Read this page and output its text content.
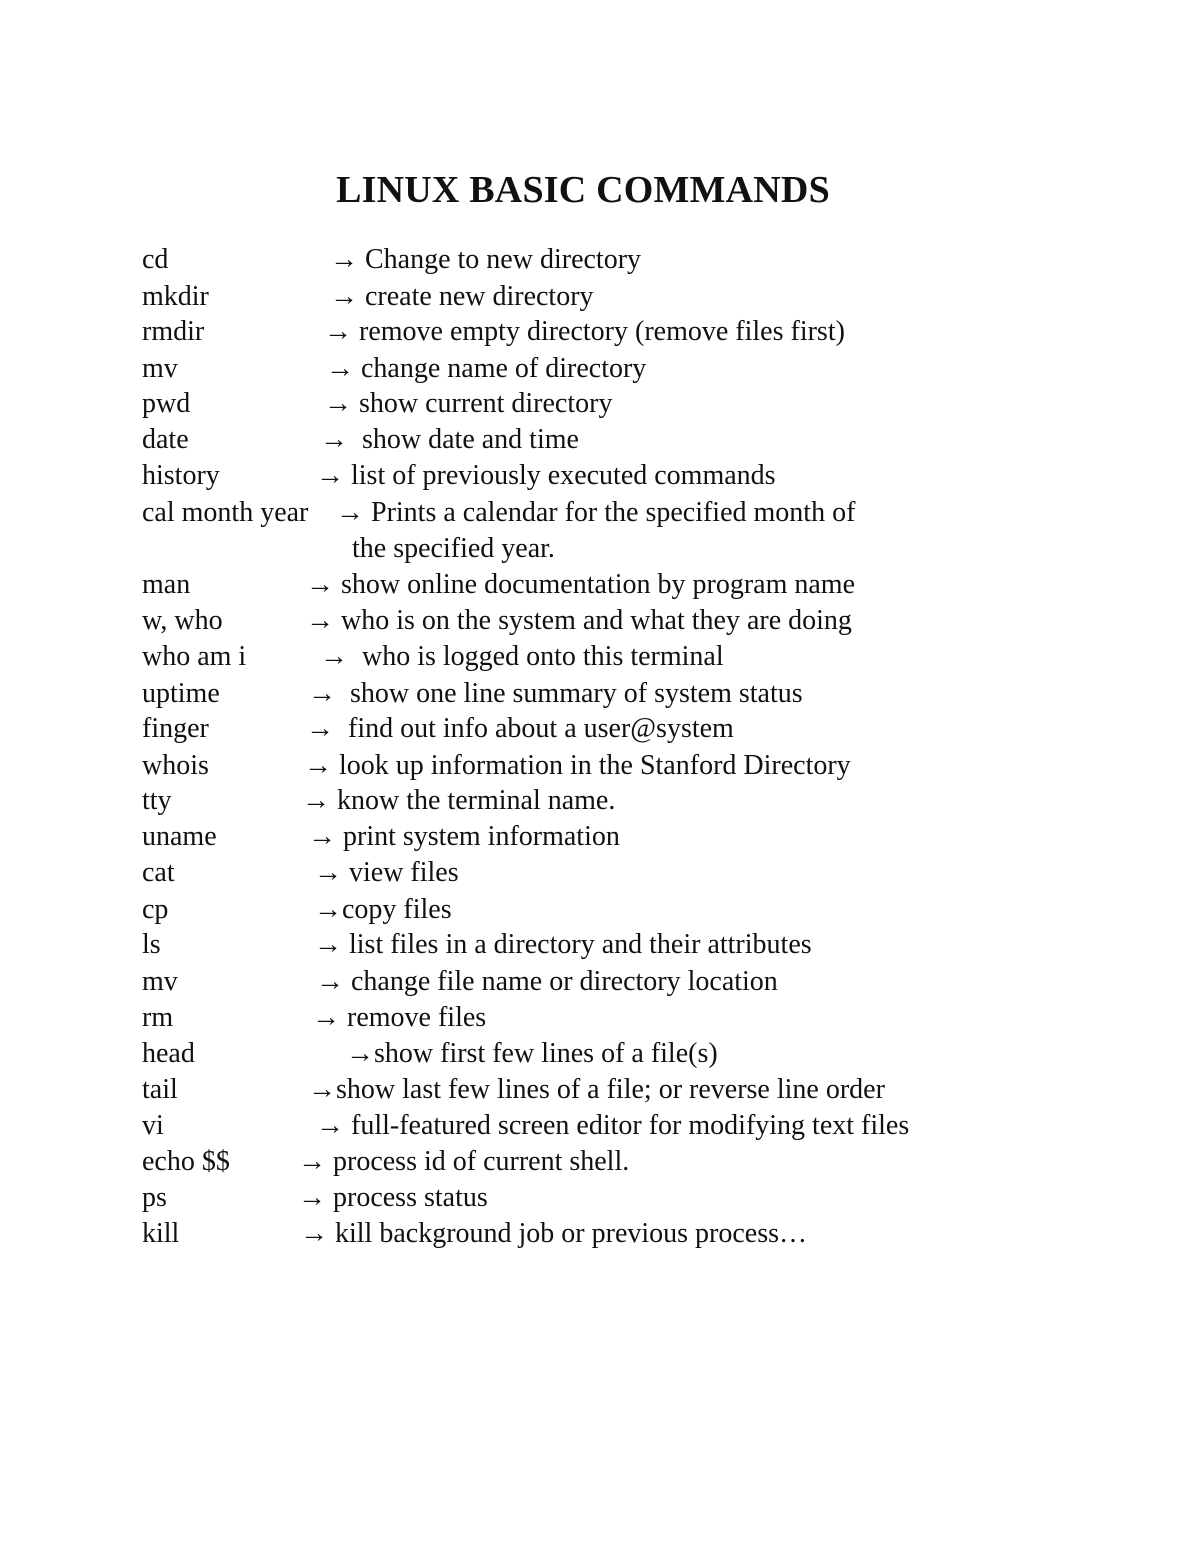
LINUX BASIC COMMANDS
cd	→ Change to new directory
mkdir	→ create new directory
rmdir	→ remove empty directory (remove files first)
mv	→ change name of directory
pwd	→ show current directory
date	→  show date and time
history	→ list of previously executed commands
cal month year → Prints a calendar for the specified month of
the specified year.
man	→ show online documentation by program name
w, who	→ who is on the system and what they are doing
who am i	→  who is logged onto this terminal
uptime	→  show one line summary of system status
finger	→  find out info about a user@system
whois	→ look up information in the Stanford Directory
tty	→ know the terminal name.
uname	→ print system information
cat	→ view files
cp	→copy files
ls	→ list files in a directory and their attributes
mv	→ change file name or directory location
rm	→ remove files
head	→show first few lines of a file(s)
tail	→show last few lines of a file; or reverse line order
vi	→ full-featured screen editor for modifying text files
echo $$ → process id of current shell.
ps	→ process status
kill	→ kill background job or previous process…
